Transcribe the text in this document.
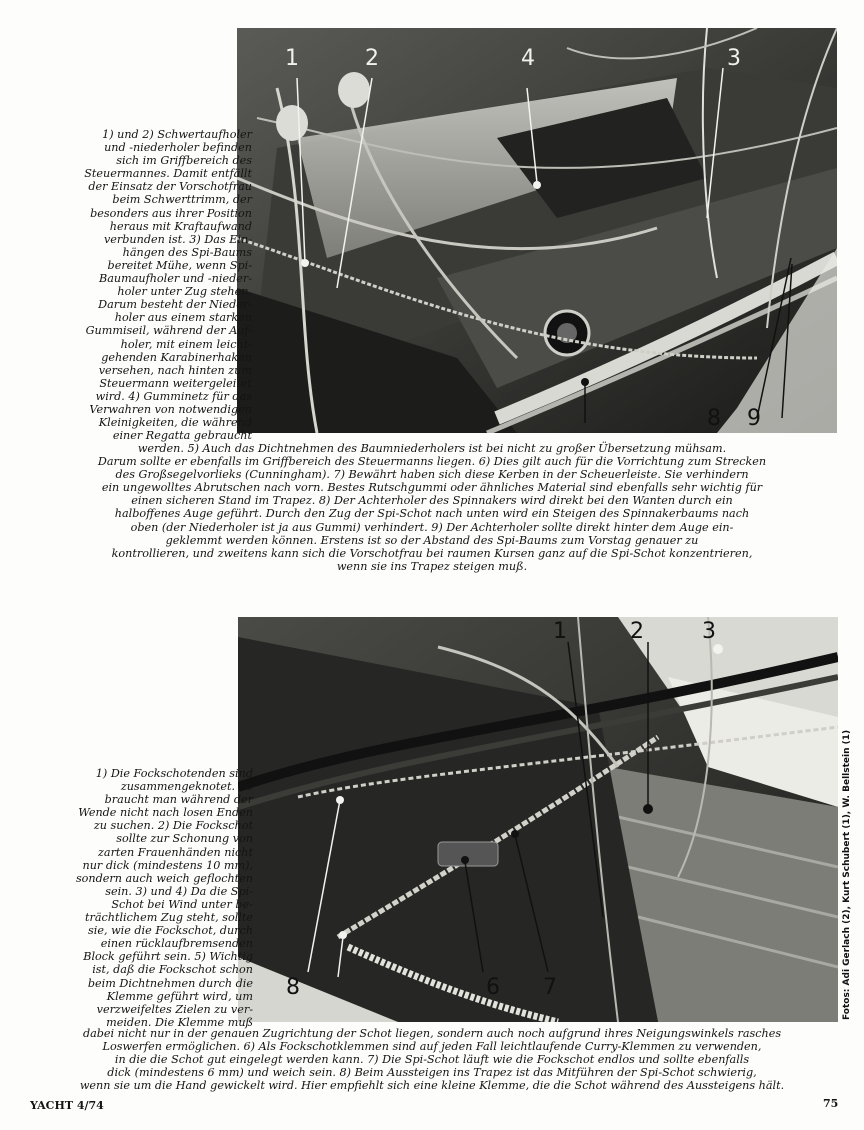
1	2	4	3
8 9
1) und 2) Schwertaufholer
und -niederholer befinden
sich im Griffbereich des
Steuermannes. Damit entfällt
der Einsatz der Vorschotfrau
beim Schwerttrimm, der
besonders aus ihrer Position
heraus mit Kraftaufwand
verbunden ist. 3) Das Ein-
hängen des Spi-Baums
bereitet Mühe, wenn Spi-
Baumaufholer und -nieder-
holer unter Zug stehen.
Darum besteht der Nieder-
holer aus einem starken
Gummiseil, während der Auf-
holer, mit einem leicht-
gehenden Karabinerhaken
versehen, nach hinten zum
Steuermann weitergeleitet
wird. 4) Gumminetz für das
Verwahren von notwendigen
Kleinigkeiten, die während
einer Regatta gebraucht
werden. 5) Auch das Dichtnehmen des Baumniederholers ist bei nicht zu großer Übersetzung mühsam.
Darum sollte er ebenfalls im Griffbereich des Steuermanns liegen. 6) Dies gilt auch für die Vorrichtung zum Strecken
des Großsegelvorlieks (Cunningham). 7) Bewährt haben sich diese Kerben in der Scheuerleiste. Sie verhindern
ein ungewolltes Abrutschen nach vorn. Bestes Rutschgummi oder ähnliches Material sind ebenfalls sehr wichtig für
einen sicheren Stand im Trapez. 8) Der Achterholer des Spinnakers wird direkt bei den Wanten durch ein
halboffenes Auge geführt. Durch den Zug der Spi-Schot nach unten wird ein Steigen des Spinnakerbaums nach
oben (der Niederholer ist ja aus Gummi) verhindert. 9) Der Achterholer sollte direkt hinter dem Auge ein-
geklemmt werden können. Erstens ist so der Abstand des Spi-Baums zum Vorstag genauer zu
kontrollieren, und zweitens kann sich die Vorschotfrau bei raumen Kursen ganz auf die Spi-Schot konzentrieren,
wenn sie ins Trapez steigen muß.
1	2	3
8	6 7
1) Die Fockschotenden sind
zusammengeknotet. So
braucht man während der
Wende nicht nach losen Enden
zu suchen. 2) Die Fockschot
sollte zur Schonung von
zarten Frauenhänden nicht
nur dick (mindestens 10 mm),
sondern auch weich geflochten
sein. 3) und 4) Da die Spi-
Schot bei Wind unter be-
trächtlichem Zug steht, sollte
sie, wie die Fockschot, durch
einen rücklaufbremsenden
Block geführt sein. 5) Wichtig
ist, daß die Fockschot schon
beim Dichtnehmen durch die
Klemme geführt wird, um
verzweifeltes Zielen zu ver-
meiden. Die Klemme muß
dabei nicht nur in der genauen Zugrichtung der Schot liegen, sondern auch noch aufgrund ihres Neigungswinkels rasches
Loswerfen ermöglichen. 6) Als Fockschotklemmen sind auf jeden Fall leichtlaufende Curry-Klemmen zu verwenden,
in die die Schot gut eingelegt werden kann. 7) Die Spi-Schot läuft wie die Fockschot endlos und sollte ebenfalls
dick (mindestens 6 mm) und weich sein. 8) Beim Aussteigen ins Trapez ist das Mitführen der Spi-Schot schwierig,
wenn sie um die Hand gewickelt wird. Hier empfiehlt sich eine kleine Klemme, die die Schot während des Aussteigens hält.
Fotos: Adi Gerlach (2), Kurt Schubert (1), W. Bellstein (1)
YACHT 4/74	75
